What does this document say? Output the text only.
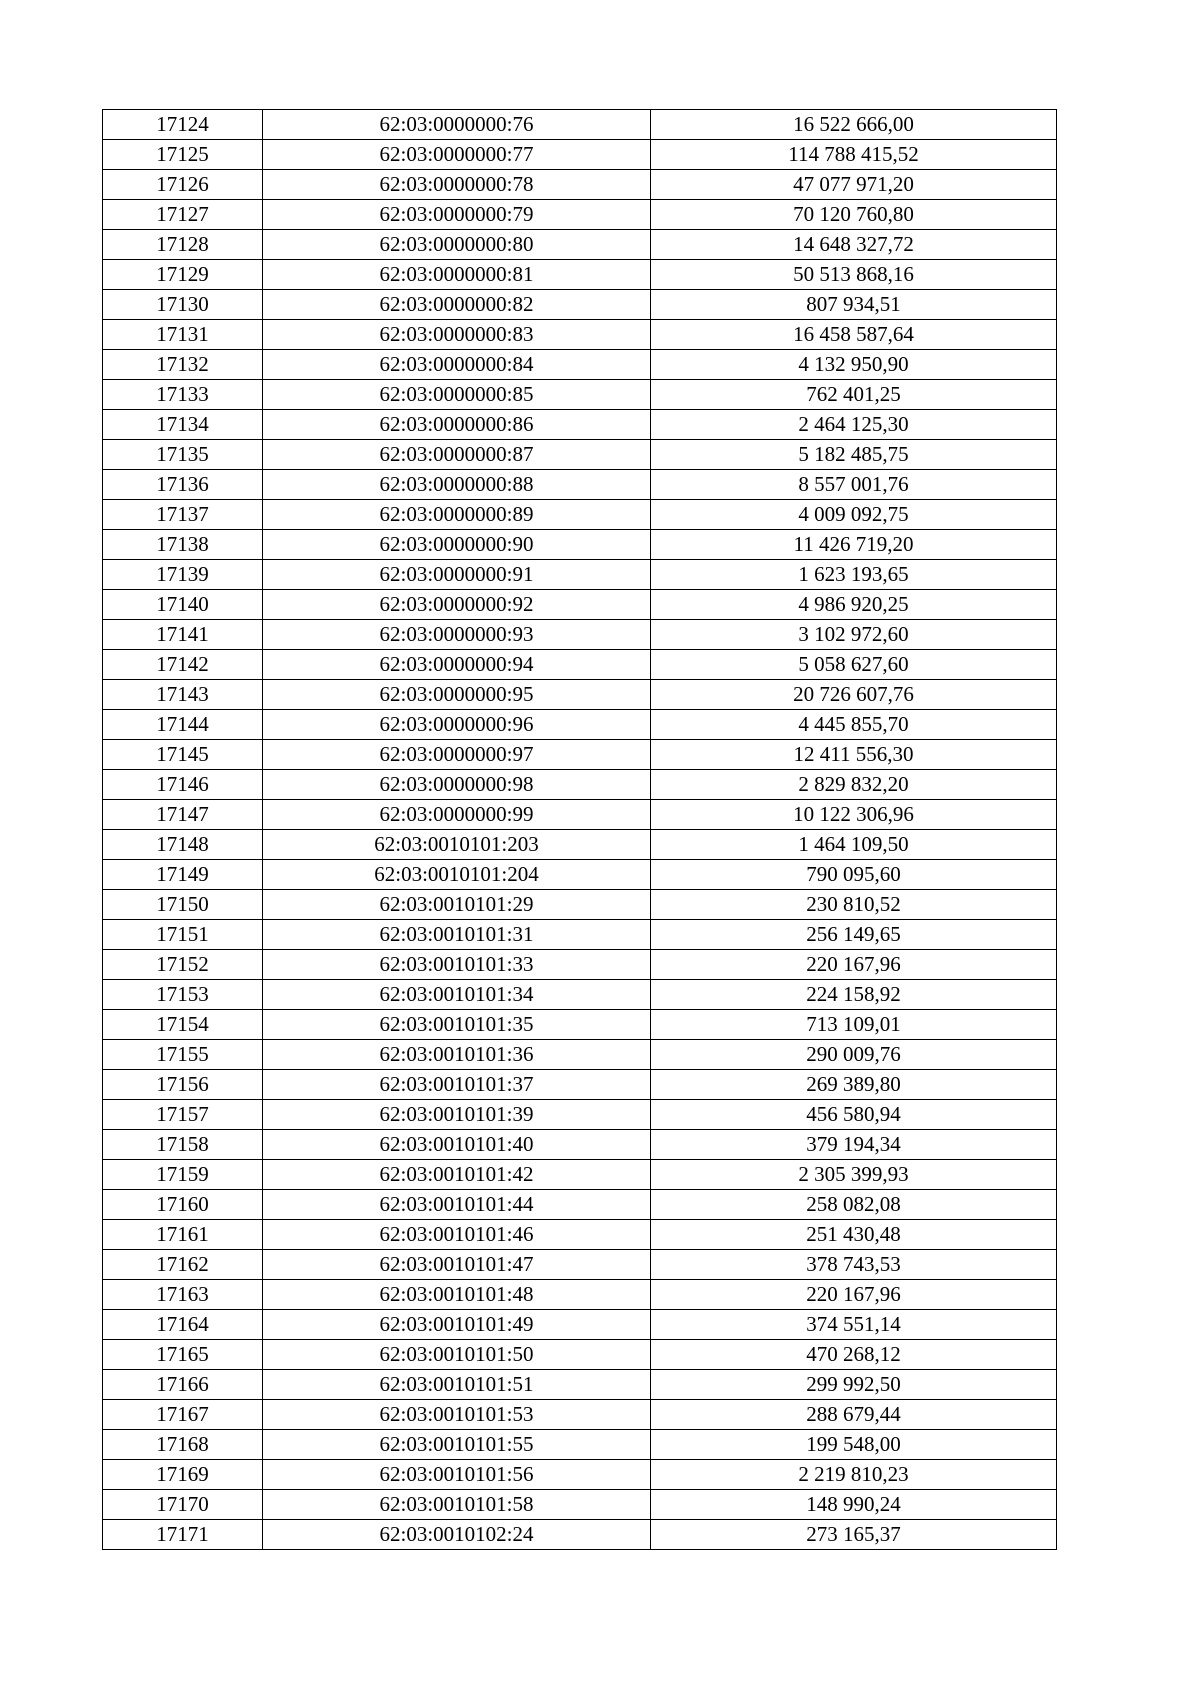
17124	62:03:0000000:76	16 522 666,00
17125	62:03:0000000:77	114 788 415,52
17126	62:03:0000000:78	47 077 971,20
17127	62:03:0000000:79	70 120 760,80
17128	62:03:0000000:80	14 648 327,72
17129	62:03:0000000:81	50 513 868,16
17130	62:03:0000000:82	807 934,51
17131	62:03:0000000:83	16 458 587,64
17132	62:03:0000000:84	4 132 950,90
17133	62:03:0000000:85	762 401,25
17134	62:03:0000000:86	2 464 125,30
17135	62:03:0000000:87	5 182 485,75
17136	62:03:0000000:88	8 557 001,76
17137	62:03:0000000:89	4 009 092,75
17138	62:03:0000000:90	11 426 719,20
17139	62:03:0000000:91	1 623 193,65
17140	62:03:0000000:92	4 986 920,25
17141	62:03:0000000:93	3 102 972,60
17142	62:03:0000000:94	5 058 627,60
17143	62:03:0000000:95	20 726 607,76
17144	62:03:0000000:96	4 445 855,70
17145	62:03:0000000:97	12 411 556,30
17146	62:03:0000000:98	2 829 832,20
17147	62:03:0000000:99	10 122 306,96
17148	62:03:0010101:203	1 464 109,50
17149	62:03:0010101:204	790 095,60
17150	62:03:0010101:29	230 810,52
17151	62:03:0010101:31	256 149,65
17152	62:03:0010101:33	220 167,96
17153	62:03:0010101:34	224 158,92
17154	62:03:0010101:35	713 109,01
17155	62:03:0010101:36	290 009,76
17156	62:03:0010101:37	269 389,80
17157	62:03:0010101:39	456 580,94
17158	62:03:0010101:40	379 194,34
17159	62:03:0010101:42	2 305 399,93
17160	62:03:0010101:44	258 082,08
17161	62:03:0010101:46	251 430,48
17162	62:03:0010101:47	378 743,53
17163	62:03:0010101:48	220 167,96
17164	62:03:0010101:49	374 551,14
17165	62:03:0010101:50	470 268,12
17166	62:03:0010101:51	299 992,50
17167	62:03:0010101:53	288 679,44
17168	62:03:0010101:55	199 548,00
17169	62:03:0010101:56	2 219 810,23
17170	62:03:0010101:58	148 990,24
17171	62:03:0010102:24	273 165,37
